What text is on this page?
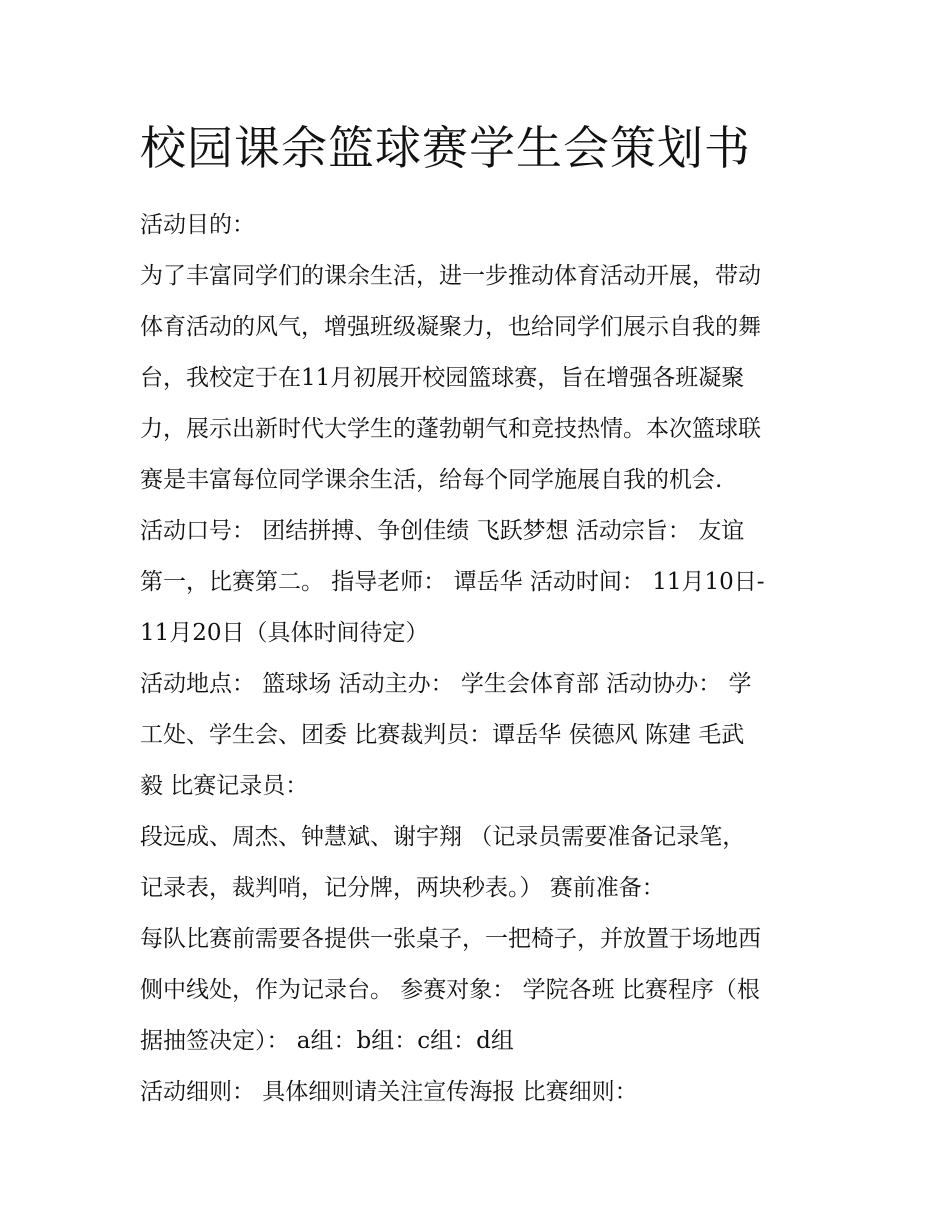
校园课余篮球赛学生会策划书
活动目的：
为了丰富同学们的课余生活，进一步推动体育活动开展，带动
体育活动的风气，增强班级凝聚力，也给同学们展示自我的舞
台，我校定于在11月初展开校园篮球赛，旨在增强各班凝聚
力，展示出新时代大学生的蓬勃朝气和竞技热情。本次篮球联
赛是丰富每位同学课余生活，给每个同学施展自我的机会.
活动口号： 团结拼搏、争创佳绩 飞跃梦想 活动宗旨： 友谊
第一，比赛第二。 指导老师： 谭岳华 活动时间： 11月10日-
11月20日（具体时间待定）
活动地点： 篮球场 活动主办： 学生会体育部 活动协办： 学
工处、学生会、团委 比赛裁判员：谭岳华 侯德风 陈建 毛武
毅 比赛记录员：
段远成、周杰、钟慧斌、谢宇翔 （记录员需要准备记录笔，
记录表，裁判哨，记分牌，两块秒表。） 赛前准备：
每队比赛前需要各提供一张桌子，一把椅子，并放置于场地西
侧中线处，作为记录台。 参赛对象： 学院各班 比赛程序（根
据抽签决定）： a组：b组：c组：d组
活动细则： 具体细则请关注宣传海报 比赛细则：
